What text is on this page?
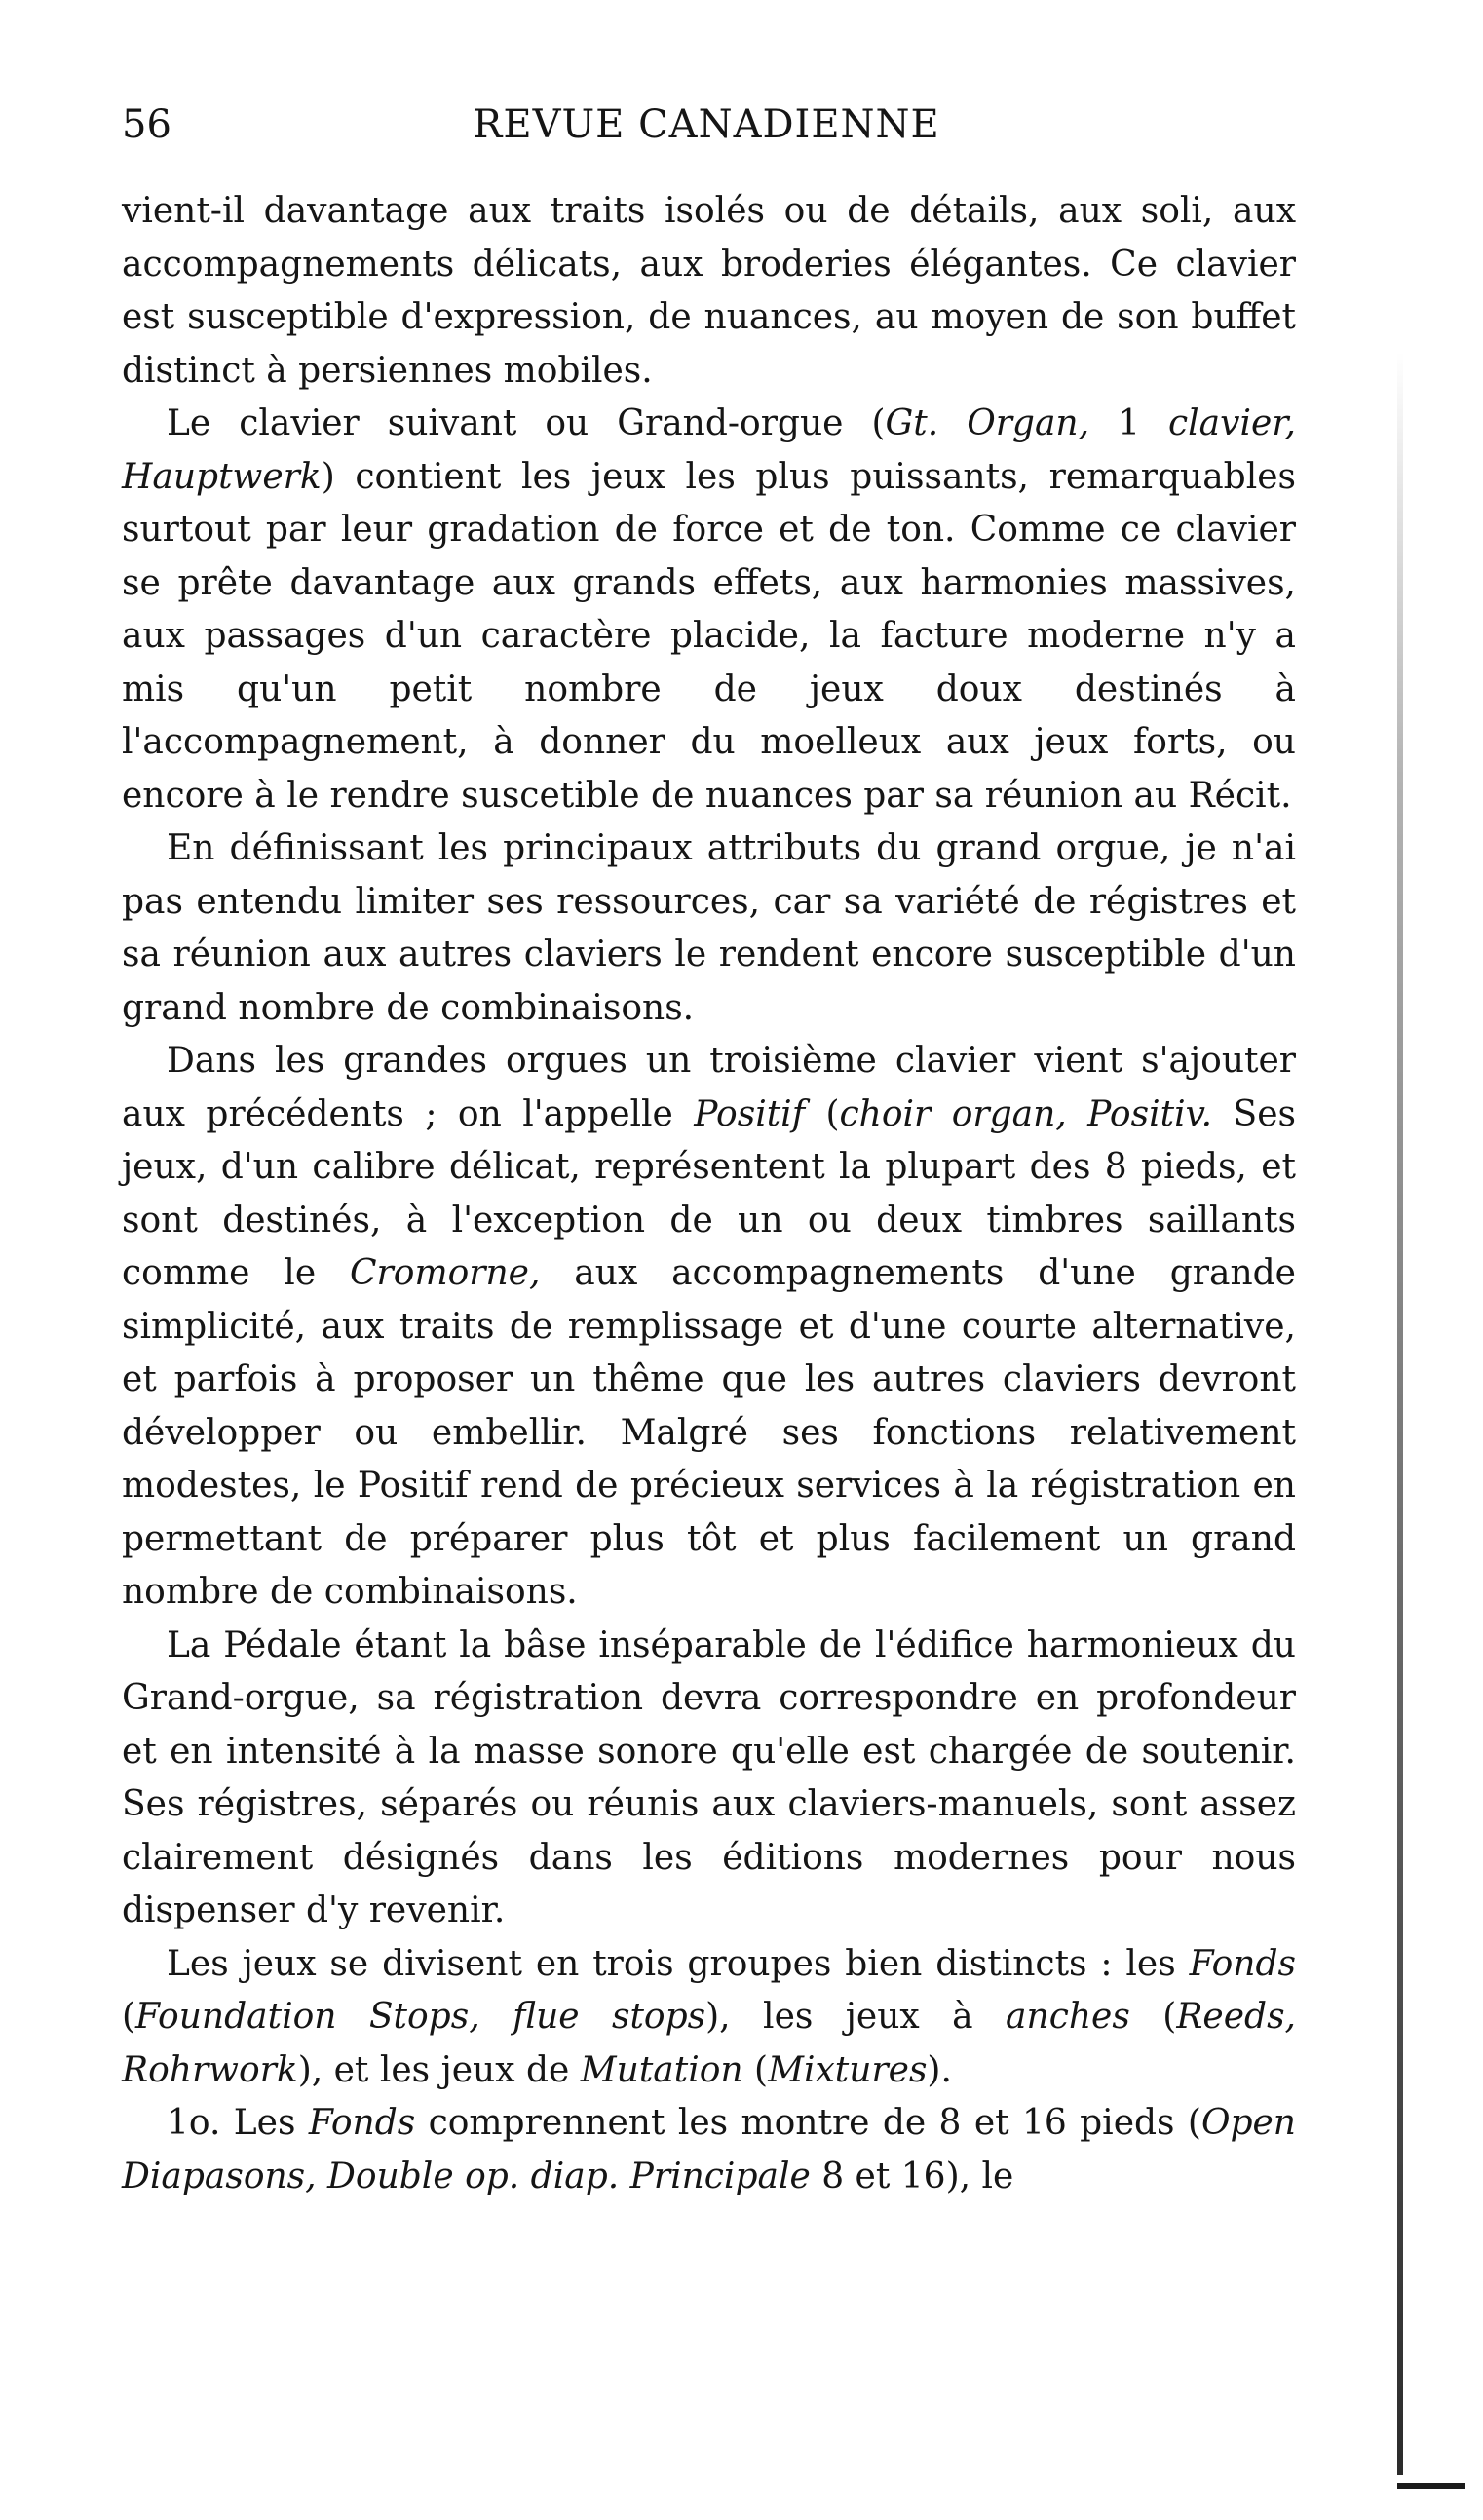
56	REVUE CANADIENNE

vient-il davantage aux traits isolés ou de détails, aux soli, aux accompagnements délicats, aux broderies élégantes. Ce clavier est susceptible d'expression, de nuances, au moyen de son buffet distinct à persiennes mobiles.

Le clavier suivant ou Grand-orgue (Gt. Organ, 1 clavier, Hauptwerk) contient les jeux les plus puissants, remarquables surtout par leur gradation de force et de ton. Comme ce clavier se prête davantage aux grands effets, aux harmonies massives, aux passages d'un caractère placide, la facture moderne n'y a mis qu'un petit nombre de jeux doux destinés à l'accompagnement, à donner du moelleux aux jeux forts, ou encore à le rendre suscetible de nuances par sa réunion au Récit.

En définissant les principaux attributs du grand orgue, je n'ai pas entendu limiter ses ressources, car sa variété de régistres et sa réunion aux autres claviers le rendent encore susceptible d'un grand nombre de combinaisons.

Dans les grandes orgues un troisième clavier vient s'ajouter aux précédents ; on l'appelle Positif (choir organ, Positiv. Ses jeux, d'un calibre délicat, représentent la plupart des 8 pieds, et sont destinés, à l'exception de un ou deux timbres saillants comme le Cromorne, aux accompagnements d'une grande simplicité, aux traits de remplissage et d'une courte alternative, et parfois à proposer un thême que les autres claviers devront développer ou embellir. Malgré ses fonctions relativement modestes, le Positif rend de précieux services à la régistration en permettant de préparer plus tôt et plus facilement un grand nombre de combinaisons.

La Pédale étant la bâse inséparable de l'édifice harmonieux du Grand-orgue, sa régistration devra correspondre en profondeur et en intensité à la masse sonore qu'elle est chargée de soutenir. Ses régistres, séparés ou réunis aux claviers-manuels, sont assez clairement désignés dans les éditions modernes pour nous dispenser d'y revenir.

Les jeux se divisent en trois groupes bien distincts : les Fonds (Foundation Stops, flue stops), les jeux à anches (Reeds, Rohrwork), et les jeux de Mutation (Mixtures).

1o. Les Fonds comprennent les montre de 8 et 16 pieds (Open Diapasons, Double op. diap. Principale 8 et 16), le
